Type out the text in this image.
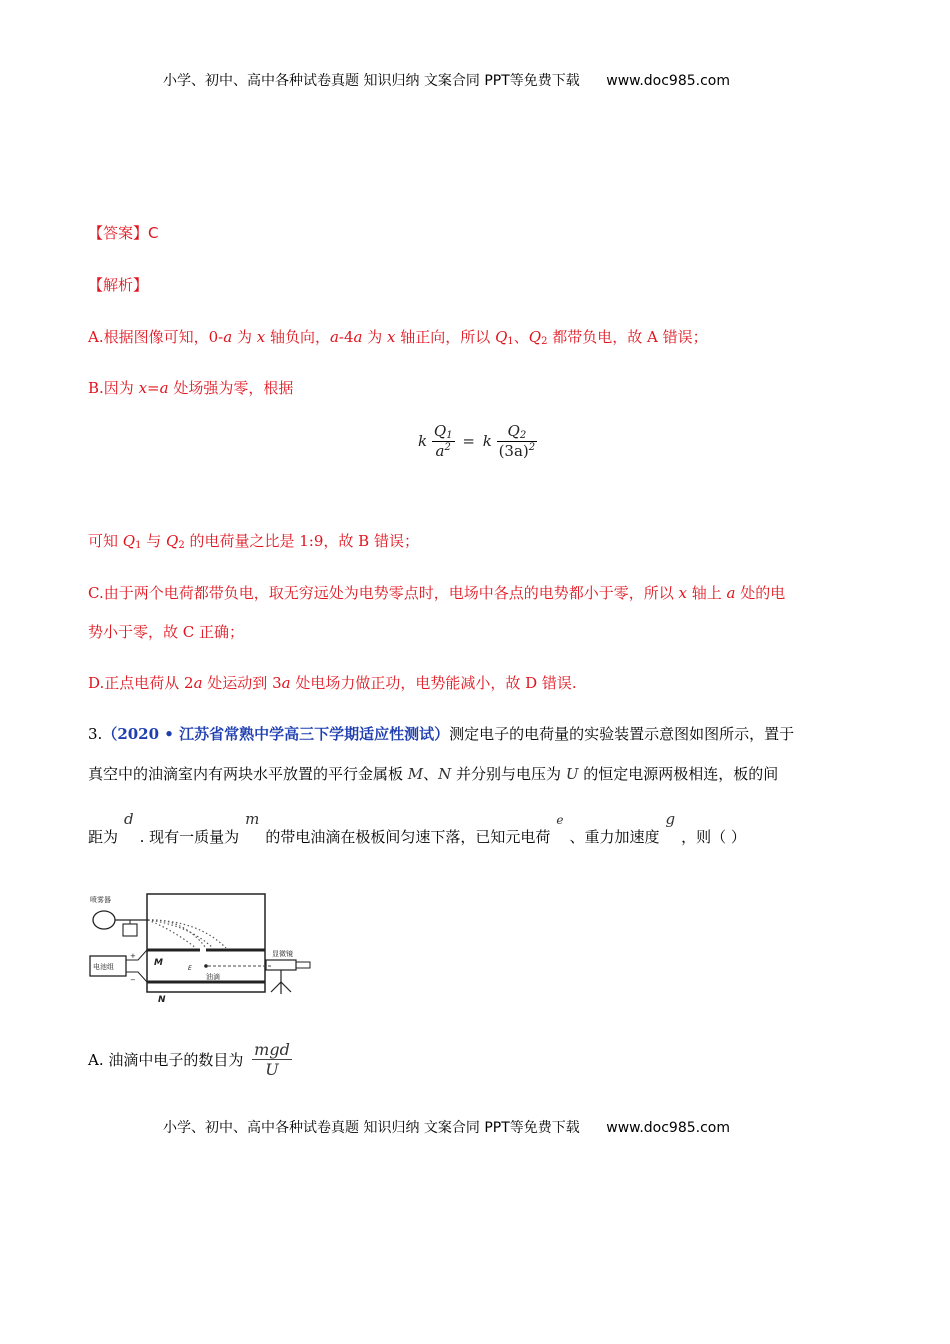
小学、初中、高中各种试卷真题 知识归纳 文案合同 PPT等免费下载 www.doc985.com
【答案】C
【解析】
A.根据图像可知，0-a 为 x 轴负向，a-4a 为 x 轴正向，所以 $Q_1$、$Q_2$ 都带负电，故 A 错误；
B.因为 x=a 处场强为零，根据
k $\frac{Q_1}{a^2} = k \frac{Q_2}{(3a)^2}$
可知 $Q_1$ 与 $Q_2$ 的电荷量之比是 1:9，故 B 错误；
C.由于两个电荷都带负电，取无穷远处为电势零点时，电场中各点的电势都小于零，所以 x 轴上 a 处的电
势小于零，故 C 正确；
D.正点电荷从 2a 处运动到 3a 处电场力做正功，电势能减小，故 D 错误.
3.（2020 • 江苏省常熟中学高三下学期适应性测试）测定电子的电荷量的实验装置示意图如图所示，置于
真空中的油滴室内有两块水平放置的平行金属板 M、N 并分别与电压为 U 的恒定电源两极相连，板的间
距为d. 现有一质量为m的带电油滴在极板间匀速下落，已知元电荷$^e$、重力加速度g，则（ ）
喷雾器
电池组
显微镜
油滴
M
N
E
+
−
A. 油滴中电子的数目为 $\frac{\text{mgd}}{U}$
小学、初中、高中各种试卷真题 知识归纳 文案合同 PPT等免费下载 www.doc985.com
